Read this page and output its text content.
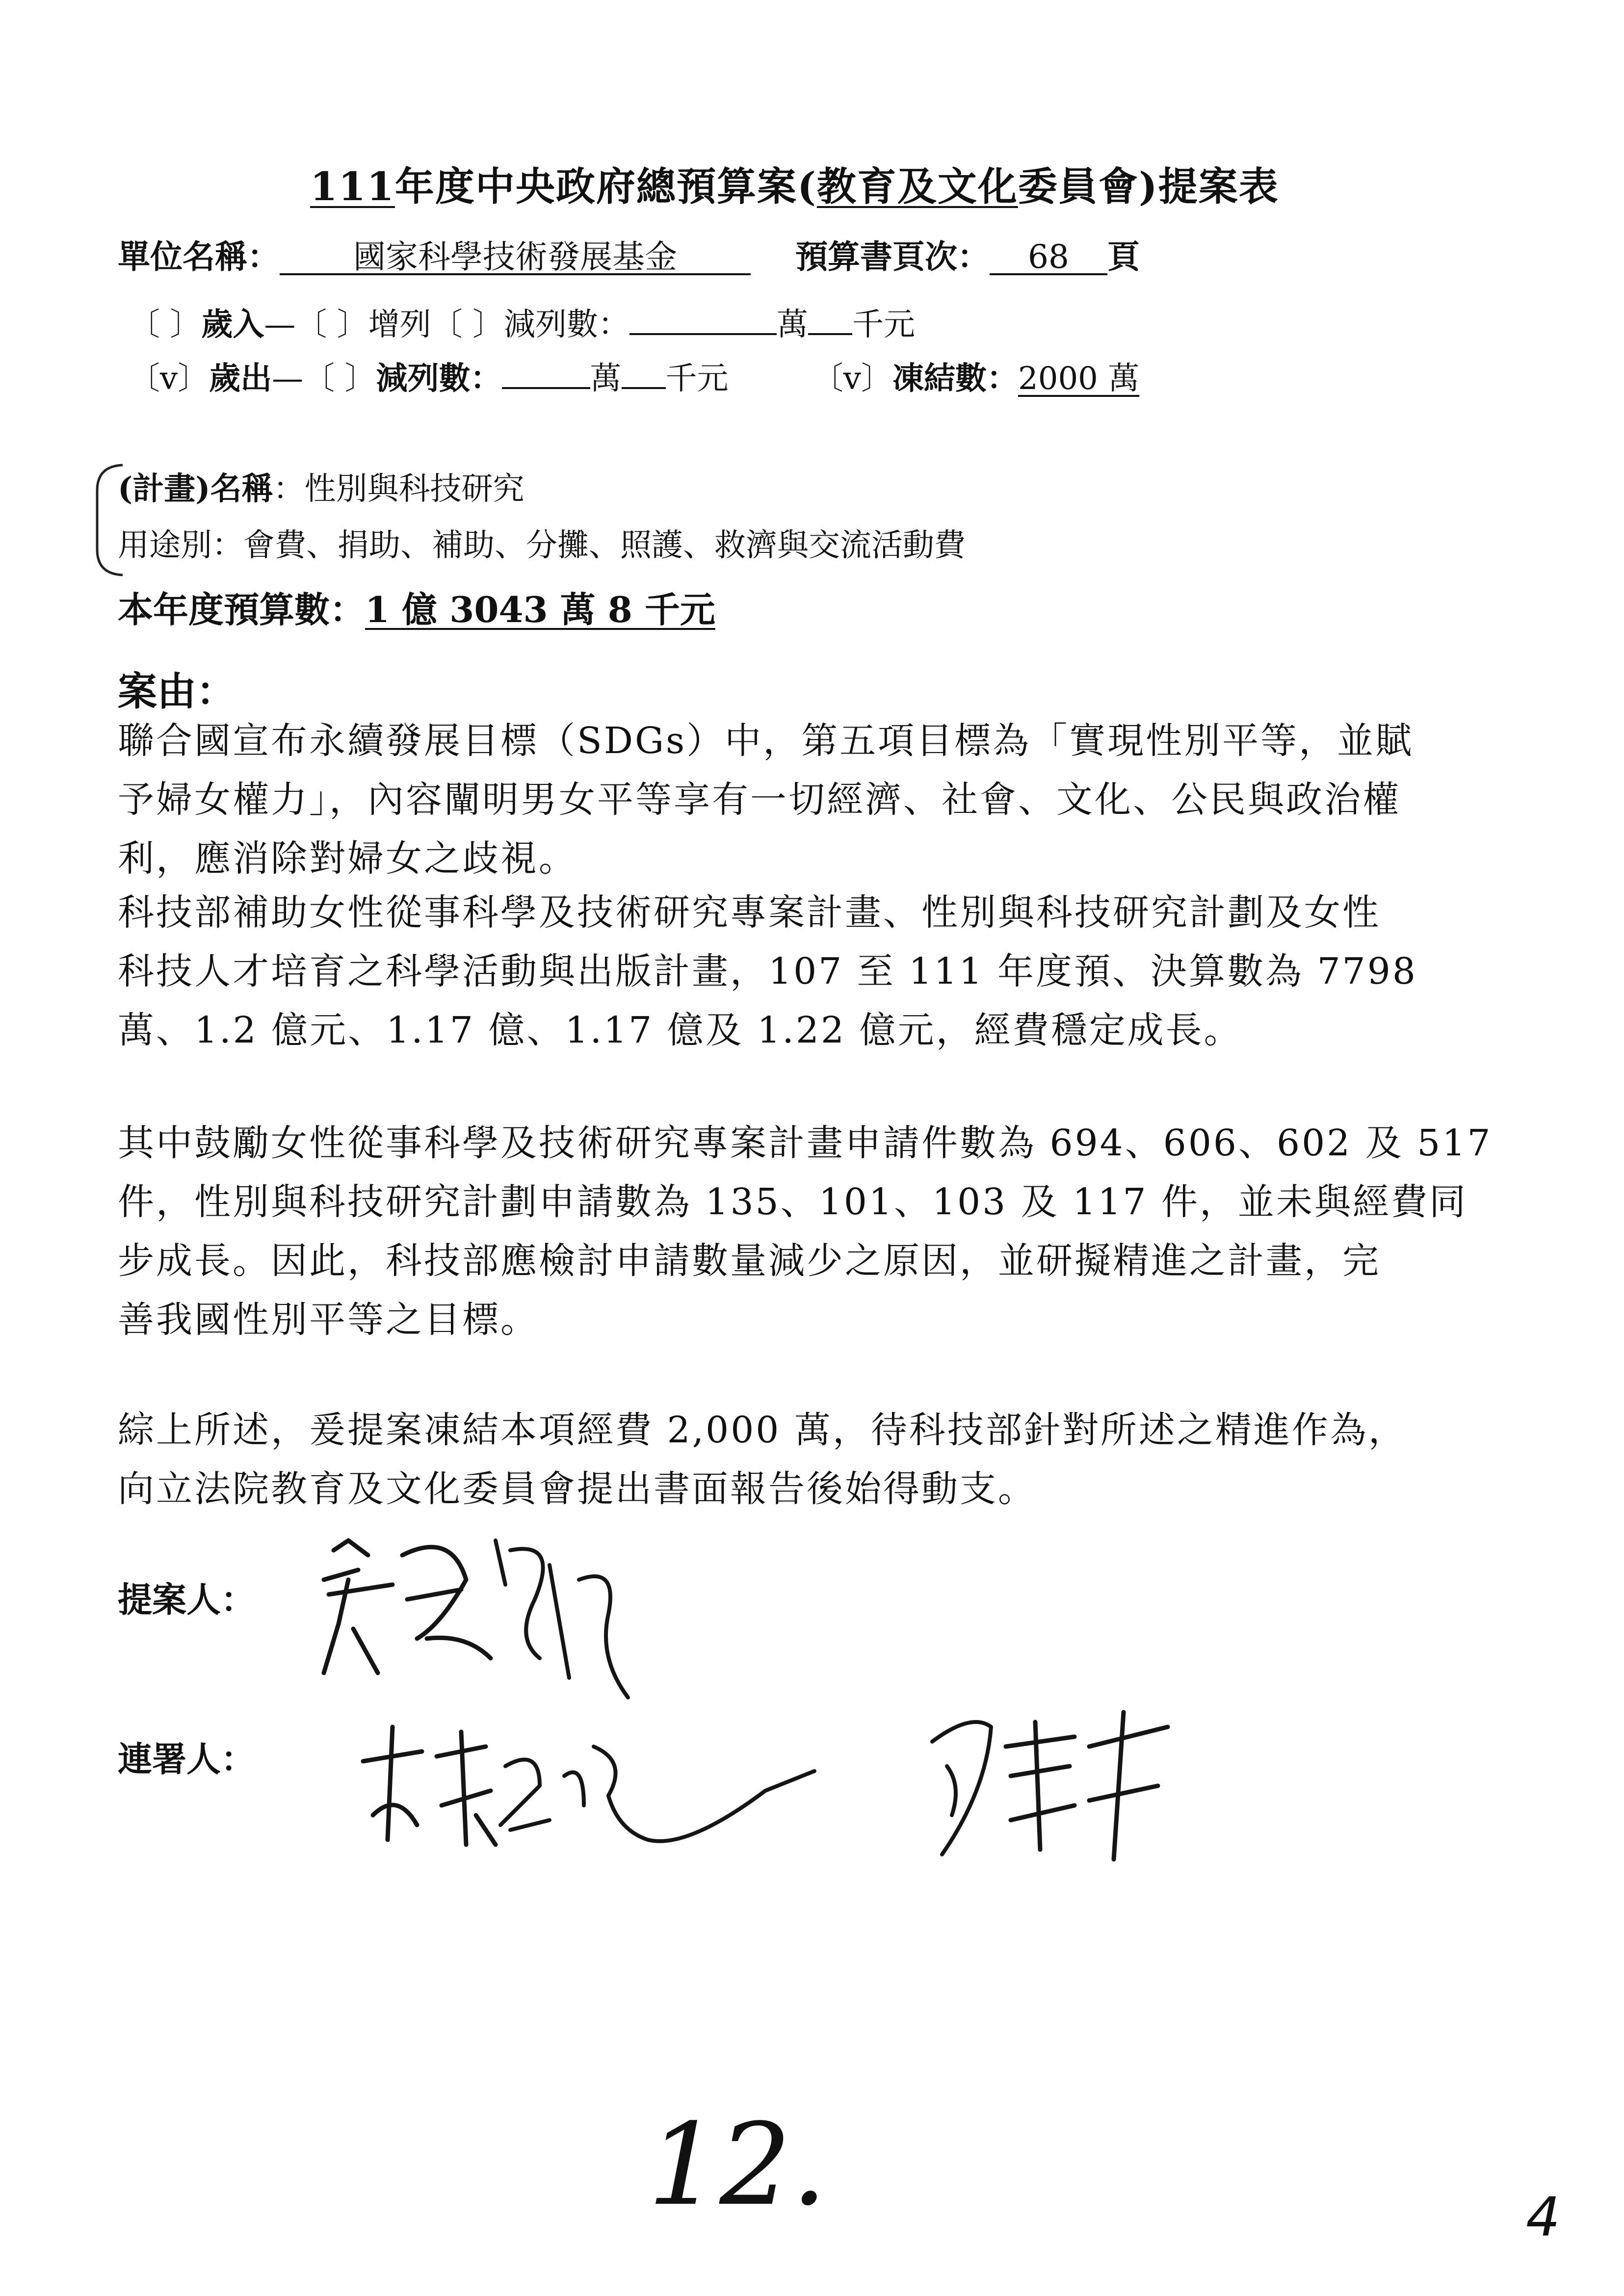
111年度中央政府總預算案(教育及文化委員會)提案表
單位名稱： 國家科學技術發展基金	預算書頁次： 68 頁
〔 〕歲入—〔 〕增列〔 〕減列數：	萬 千元
〔v〕歲出—〔 〕減列數：	萬 千元	〔v〕凍結數：2000 萬
(計畫)名稱：性別與科技研究
用途別：會費、捐助、補助、分攤、照護、救濟與交流活動費
本年度預算數：1 億 3043 萬 8 千元
案由：
聯合國宣布永續發展目標（SDGs）中，第五項目標為「實現性別平等，並賦
予婦女權力」，內容闡明男女平等享有一切經濟、社會、文化、公民與政治權
利，應消除對婦女之歧視。
科技部補助女性從事科學及技術研究專案計畫、性別與科技研究計劃及女性
科技人才培育之科學活動與出版計畫，107 至 111 年度預、決算數為 7798
萬、1.2 億元、1.17 億、1.17 億及 1.22 億元，經費穩定成長。
其中鼓勵女性從事科學及技術研究專案計畫申請件數為 694、606、602 及 517
件，性別與科技研究計劃申請數為 135、101、103 及 117 件，並未與經費同
步成長。因此，科技部應檢討申請數量減少之原因，並研擬精進之計畫，完
善我國性別平等之目標。
綜上所述，爰提案凍結本項經費 2,000 萬，待科技部針對所述之精進作為，
向立法院教育及文化委員會提出書面報告後始得動支。
提案人：
連署人：
12.	4
